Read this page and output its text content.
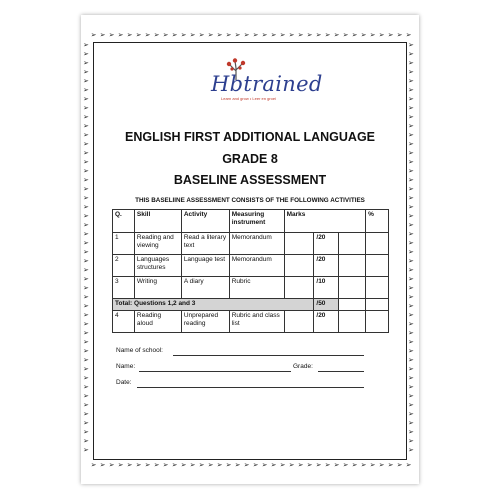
➢
➢
➢
➢
➢
➢
➢
➢
➢
➢
➢
➢
➢
➢
➢
➢
➢
➢
➢
➢
➢
➢
➢
➢
➢
➢
➢
➢
➢
➢
➢
➢
➢
➢
➢
➢
➢
➢
➢
➢
➢
➢
➢
➢
➢
➢
➢
➢
➢
➢
➢
➢
➢
➢
➢
➢
➢
➢
➢
➢
➢
➢
➢
➢
➢
➢
➢
➢
➢
➢
➢
➢
➢
➢
➢
➢
➢
➢
➢
➢
➢
➢
➢
➢
➢
➢
➢
➢
➢
➢
➢
➢
➢ ➢ ➢ ➢ ➢ ➢ ➢ ➢ ➢ ➢ ➢ ➢ ➢ ➢ ➢ ➢ ➢ ➢ ➢ ➢ ➢ ➢ ➢ ➢ ➢ ➢ ➢ ➢ ➢ ➢ ➢ ➢ ➢ ➢ ➢ ➢
➢ ➢ ➢ ➢ ➢ ➢ ➢ ➢ ➢ ➢ ➢ ➢ ➢ ➢ ➢ ➢ ➢ ➢ ➢ ➢ ➢ ➢ ➢ ➢ ➢ ➢ ➢ ➢ ➢ ➢ ➢ ➢ ➢ ➢ ➢ ➢
Hbtrained
Learn and grow • Leer en groei
ENGLISH FIRST ADDITIONAL LANGUAGE
GRADE 8
BASELINE ASSESSMENT
THIS BASELIINE ASSESSMENT CONSISTS OF THE FOLLOWING ACTIVITIES
Q.	Skill	Activity	Measuring instrument	Marks			%
1	Reading and viewing	Read a literary text	Memorandum		/20		
2	Languages structures	Language test	Memorandum		/20		
3	Writing	A diary	Rubric		/10		
Total: Questions 1,2 and 3					/50		
4	Reading aloud	Unprepared reading	Rubric and class list		/20		
Name of school:
Name:	Grade:
Date:
